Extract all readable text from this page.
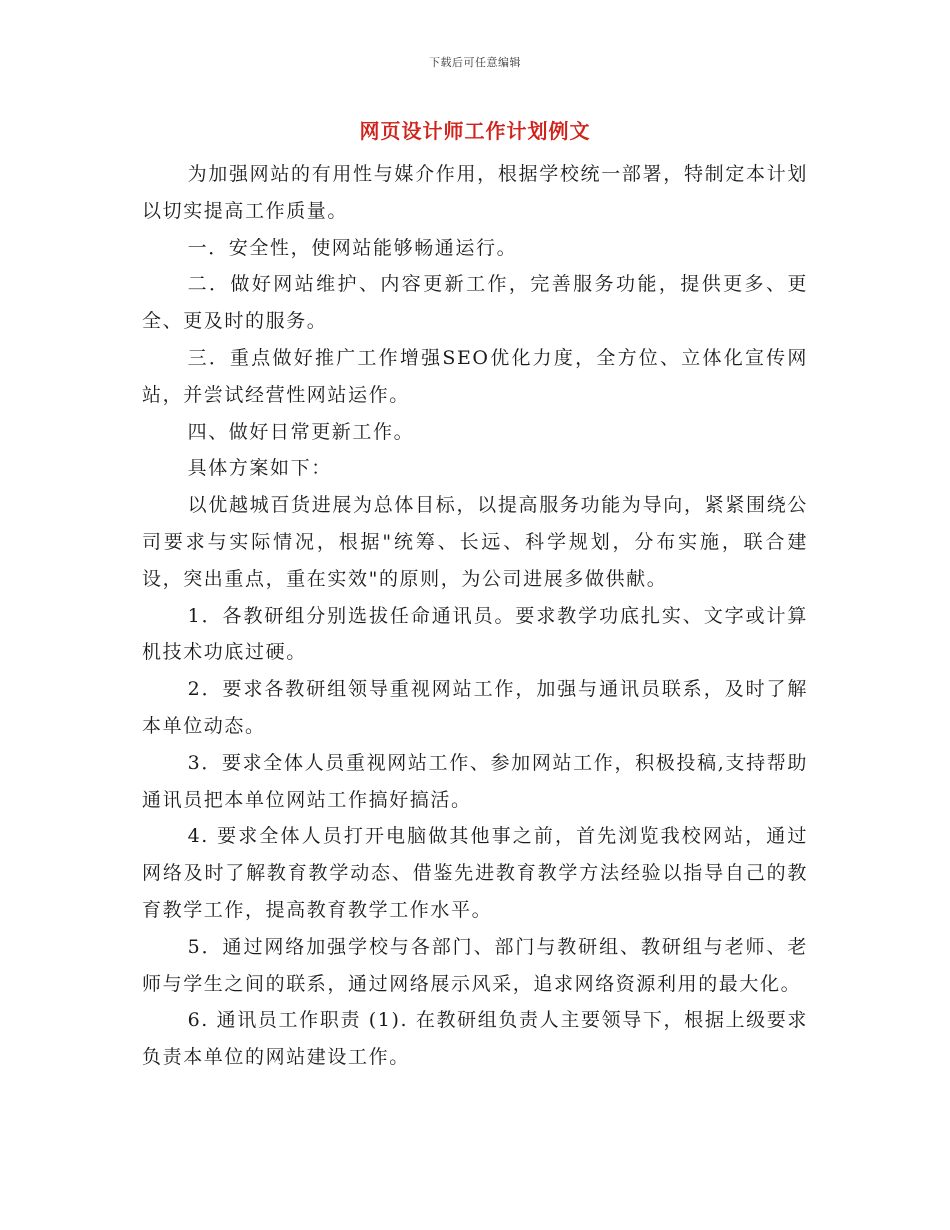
下载后可任意编辑
网页设计师工作计划例文

为加强网站的有用性与媒介作用，根据学校统一部署，特制定本计划以切实提高工作质量。

一．安全性，使网站能够畅通运行。

二．做好网站维护、内容更新工作，完善服务功能，提供更多、更全、更及时的服务。

三．重点做好推广工作增强SEO优化力度，全方位、立体化宣传网站，并尝试经营性网站运作。

四、做好日常更新工作。

具体方案如下：

以优越城百货进展为总体目标，以提高服务功能为导向，紧紧围绕公司要求与实际情况，根据"统筹、长远、科学规划，分布实施，联合建设，突出重点，重在实效"的原则，为公司进展多做供献。

1．各教研组分别选拔任命通讯员。要求教学功底扎实、文字或计算机技术功底过硬。

2．要求各教研组领导重视网站工作，加强与通讯员联系，及时了解本单位动态。

3．要求全体人员重视网站工作、参加网站工作，积极投稿,支持帮助通讯员把本单位网站工作搞好搞活。

4. 要求全体人员打开电脑做其他事之前，首先浏览我校网站，通过网络及时了解教育教学动态、借鉴先进教育教学方法经验以指导自己的教育教学工作，提高教育教学工作水平。

5．通过网络加强学校与各部门、部门与教研组、教研组与老师、老师与学生之间的联系，通过网络展示风采，追求网络资源利用的最大化。

6. 通讯员工作职责 (1). 在教研组负责人主要领导下，根据上级要求负责本单位的网站建设工作。
